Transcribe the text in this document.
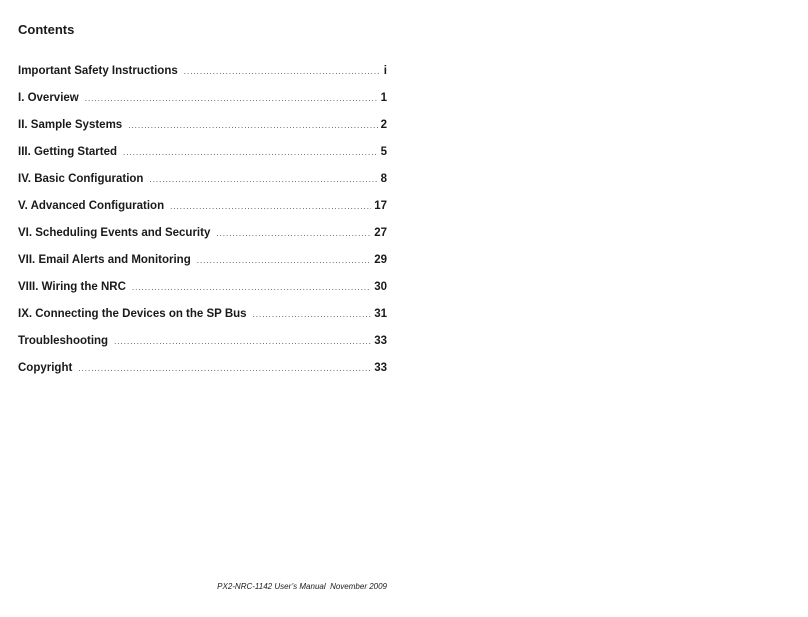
Contents
Important Safety Instructions .....	i
I. Overview .....	1
II. Sample Systems .....	2
III. Getting Started .....	5
IV. Basic Configuration .....	8
V. Advanced Configuration .....	17
VI. Scheduling Events and Security .....	27
VII. Email Alerts and Monitoring .....	29
VIII. Wiring the NRC .....	30
IX. Connecting the Devices on the SP Bus .....	31
Troubleshooting .....	33
Copyright .....	33
PX2-NRC-1142 User’s Manual  November 2009
